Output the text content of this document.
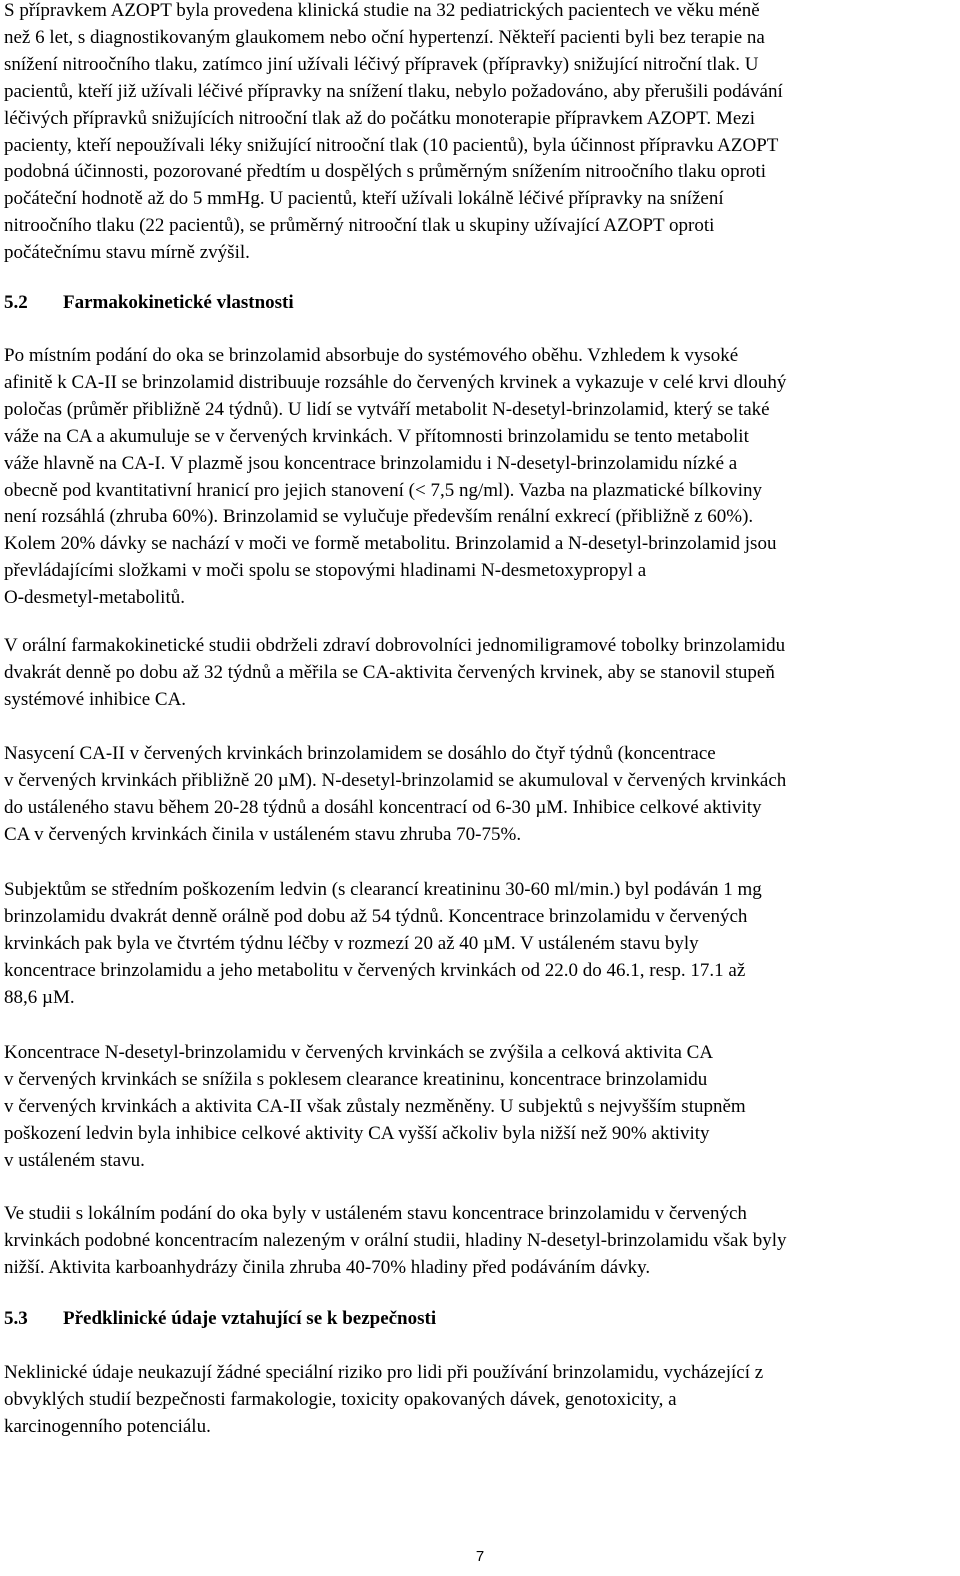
S přípravkem AZOPT byla provedena klinická studie na 32 pediatrických pacientech ve věku méně
než 6 let, s diagnostikovaným glaukomem nebo oční hypertenzí. Někteří pacienti byli bez terapie na
snížení nitroočního tlaku, zatímco jiní užívali léčivý přípravek (přípravky) snižující nitroční tlak. U
pacientů, kteří již užívali léčivé přípravky na snížení tlaku, nebylo požadováno, aby přerušili podávání
léčivých přípravků snižujících nitrooční tlak až do počátku monoterapie přípravkem AZOPT. Mezi
pacienty, kteří nepoužívali léky snižující nitrooční tlak (10 pacientů), byla účinnost přípravku AZOPT
podobná účinnosti, pozorované předtím u dospělých s průměrným snížením nitroočního tlaku oproti
počáteční hodnotě až do 5 mmHg. U pacientů, kteří užívali lokálně léčivé přípravky na snížení
nitroočního tlaku (22 pacientů), se průměrný nitrooční tlak u skupiny užívající AZOPT oproti
počátečnímu stavu mírně zvýšil.
5.2 Farmakokinetické vlastnosti
Po místním podání do oka se brinzolamid absorbuje do systémového oběhu. Vzhledem k vysoké
afinitě k CA-II se brinzolamid distribuuje rozsáhle do červených krvinek a vykazuje v celé krvi dlouhý
poločas (průměr přibližně 24 týdnů). U lidí se vytváří metabolit N-desetyl-brinzolamid, který se také
váže na CA a akumuluje se v červených krvinkách. V přítomnosti brinzolamidu se tento metabolit
váže hlavně na CA-I. V plazmě jsou koncentrace brinzolamidu i N-desetyl-brinzolamidu nízké a
obecně pod kvantitativní hranicí pro jejich stanovení (< 7,5 ng/ml). Vazba na plazmatické bílkoviny
není rozsáhlá (zhruba 60%). Brinzolamid se vylučuje především renální exkrecí (přibližně z 60%).
Kolem 20% dávky se nachází v moči ve formě metabolitu. Brinzolamid a N-desetyl-brinzolamid jsou
převládajícími složkami v moči spolu se stopovými hladinami N-desmetoxypropyl a
O-desmetyl-metabolitů.
V orální farmakokinetické studii obdrželi zdraví dobrovolníci jednomiligramové tobolky brinzolamidu
dvakrát denně po dobu až 32 týdnů a měřila se CA-aktivita červených krvinek, aby se stanovil stupeň
systémové inhibice CA.
Nasycení CA-II v červených krvinkách brinzolamidem se dosáhlo do čtyř týdnů (koncentrace
v červených krvinkách přibližně 20 µM). N-desetyl-brinzolamid se akumuloval v červených krvinkách
do ustáleného stavu během 20-28 týdnů a dosáhl koncentrací od 6-30 µM. Inhibice celkové aktivity
CA v červených krvinkách činila v ustáleném stavu zhruba 70-75%.
Subjektům se středním poškozením ledvin (s clearancí kreatininu 30-60 ml/min.) byl podáván 1 mg
brinzolamidu dvakrát denně orálně pod dobu až 54 týdnů. Koncentrace brinzolamidu v červených
krvinkách pak byla ve čtvrtém týdnu léčby v rozmezí 20 až 40 µM. V ustáleném stavu byly
koncentrace brinzolamidu a jeho metabolitu v červených krvinkách od 22.0 do 46.1, resp. 17.1 až
88,6 µM.
Koncentrace N-desetyl-brinzolamidu v červených krvinkách se zvýšila a celková aktivita CA
v červených krvinkách se snížila s poklesem clearance kreatininu, koncentrace brinzolamidu
v červených krvinkách a aktivita CA-II však zůstaly nezměněny. U subjektů s nejvyšším stupněm
poškození ledvin byla inhibice celkové aktivity CA vyšší ačkoliv byla nižší než 90% aktivity
v ustáleném stavu.
Ve studii s lokálním podání do oka byly v ustáleném stavu koncentrace brinzolamidu v červených
krvinkách podobné koncentracím nalezeným v orální studii, hladiny N-desetyl-brinzolamidu však byly
nižší. Aktivita karboanhydrázy činila zhruba 40-70% hladiny před podáváním dávky.
5.3 Předklinické údaje vztahující se k bezpečnosti
Neklinické údaje neukazují žádné speciální riziko pro lidi při používání brinzolamidu, vycházející z
obvyklých studií bezpečnosti farmakologie, toxicity opakovaných dávek, genotoxicity, a
karcinogenního potenciálu.
7
